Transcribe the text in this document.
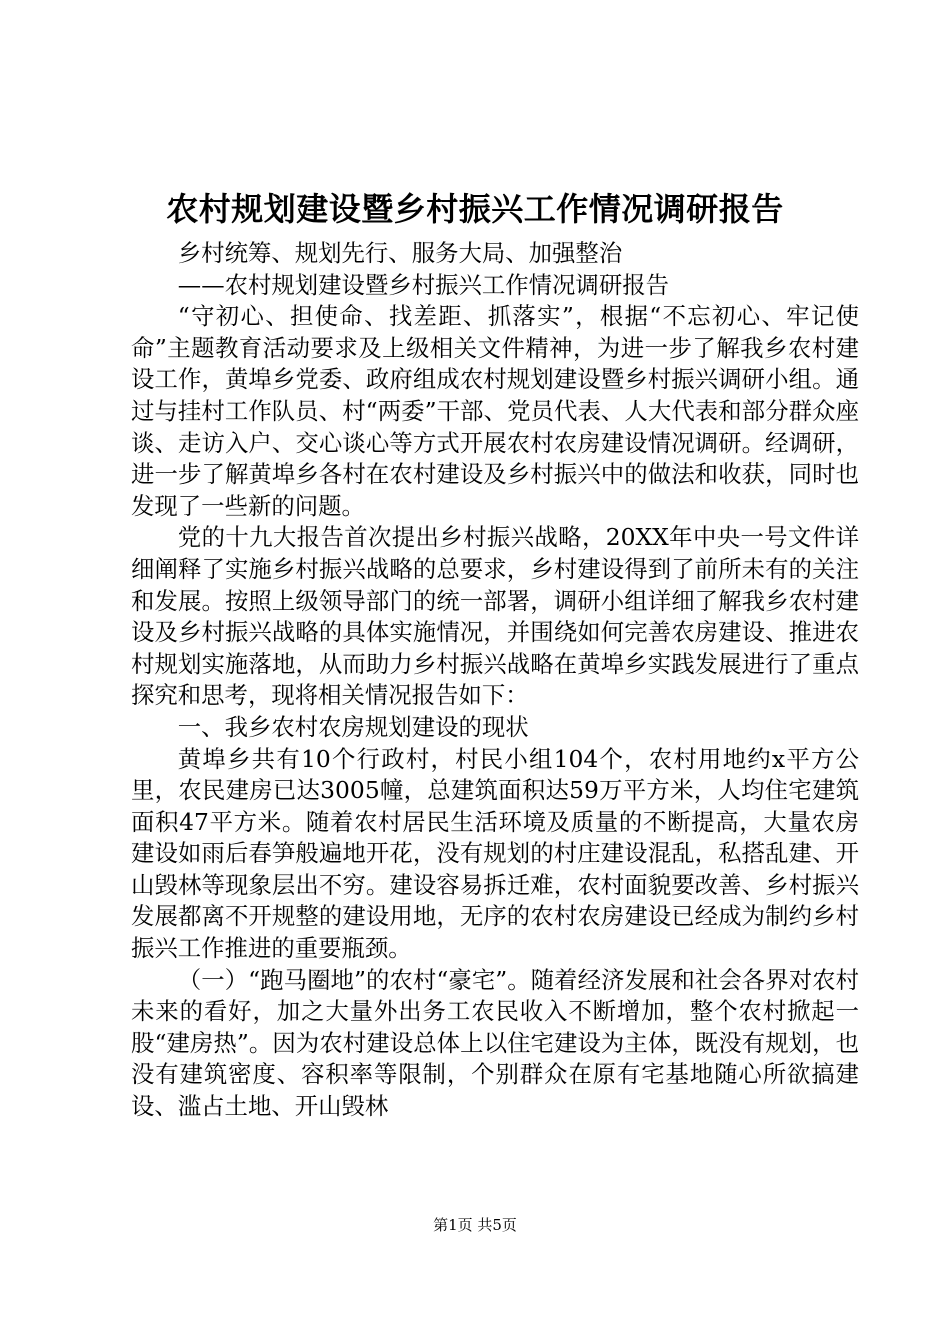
农村规划建设暨乡村振兴工作情况调研报告

乡村统筹、规划先行、服务大局、加强整治

——农村规划建设暨乡村振兴工作情况调研报告

“守初心、担使命、找差距、抓落实”，根据“不忘初心、牢记使命”主题教育活动要求及上级相关文件精神，为进一步了解我乡农村建设工作，黄埠乡党委、政府组成农村规划建设暨乡村振兴调研小组。通过与挂村工作队员、村“两委”干部、党员代表、人大代表和部分群众座谈、走访入户、交心谈心等方式开展农村农房建设情况调研。经调研，进一步了解黄埠乡各村在农村建设及乡村振兴中的做法和收获，同时也发现了一些新的问题。

党的十九大报告首次提出乡村振兴战略，20XX年中央一号文件详细阐释了实施乡村振兴战略的总要求，乡村建设得到了前所未有的关注和发展。按照上级领导部门的统一部署，调研小组详细了解我乡农村建设及乡村振兴战略的具体实施情况，并围绕如何完善农房建设、推进农村规划实施落地，从而助力乡村振兴战略在黄埠乡实践发展进行了重点探究和思考，现将相关情况报告如下：

一、我乡农村农房规划建设的现状

黄埠乡共有10个行政村，村民小组104个，农村用地约x平方公里，农民建房已达3005幢，总建筑面积达59万平方米，人均住宅建筑面积47平方米。随着农村居民生活环境及质量的不断提高，大量农房建设如雨后春笋般遍地开花，没有规划的村庄建设混乱，私搭乱建、开山毁林等现象层出不穷。建设容易拆迁难，农村面貌要改善、乡村振兴发展都离不开规整的建设用地，无序的农村农房建设已经成为制约乡村振兴工作推进的重要瓶颈。

（一）“跑马圈地”的农村“豪宅”。随着经济发展和社会各界对农村未来的看好，加之大量外出务工农民收入不断增加，整个农村掀起一股“建房热”。因为农村建设总体上以住宅建设为主体，既没有规划，也没有建筑密度、容积率等限制，个别群众在原有宅基地随心所欲搞建设、滥占土地、开山毁林

第1页 共5页
